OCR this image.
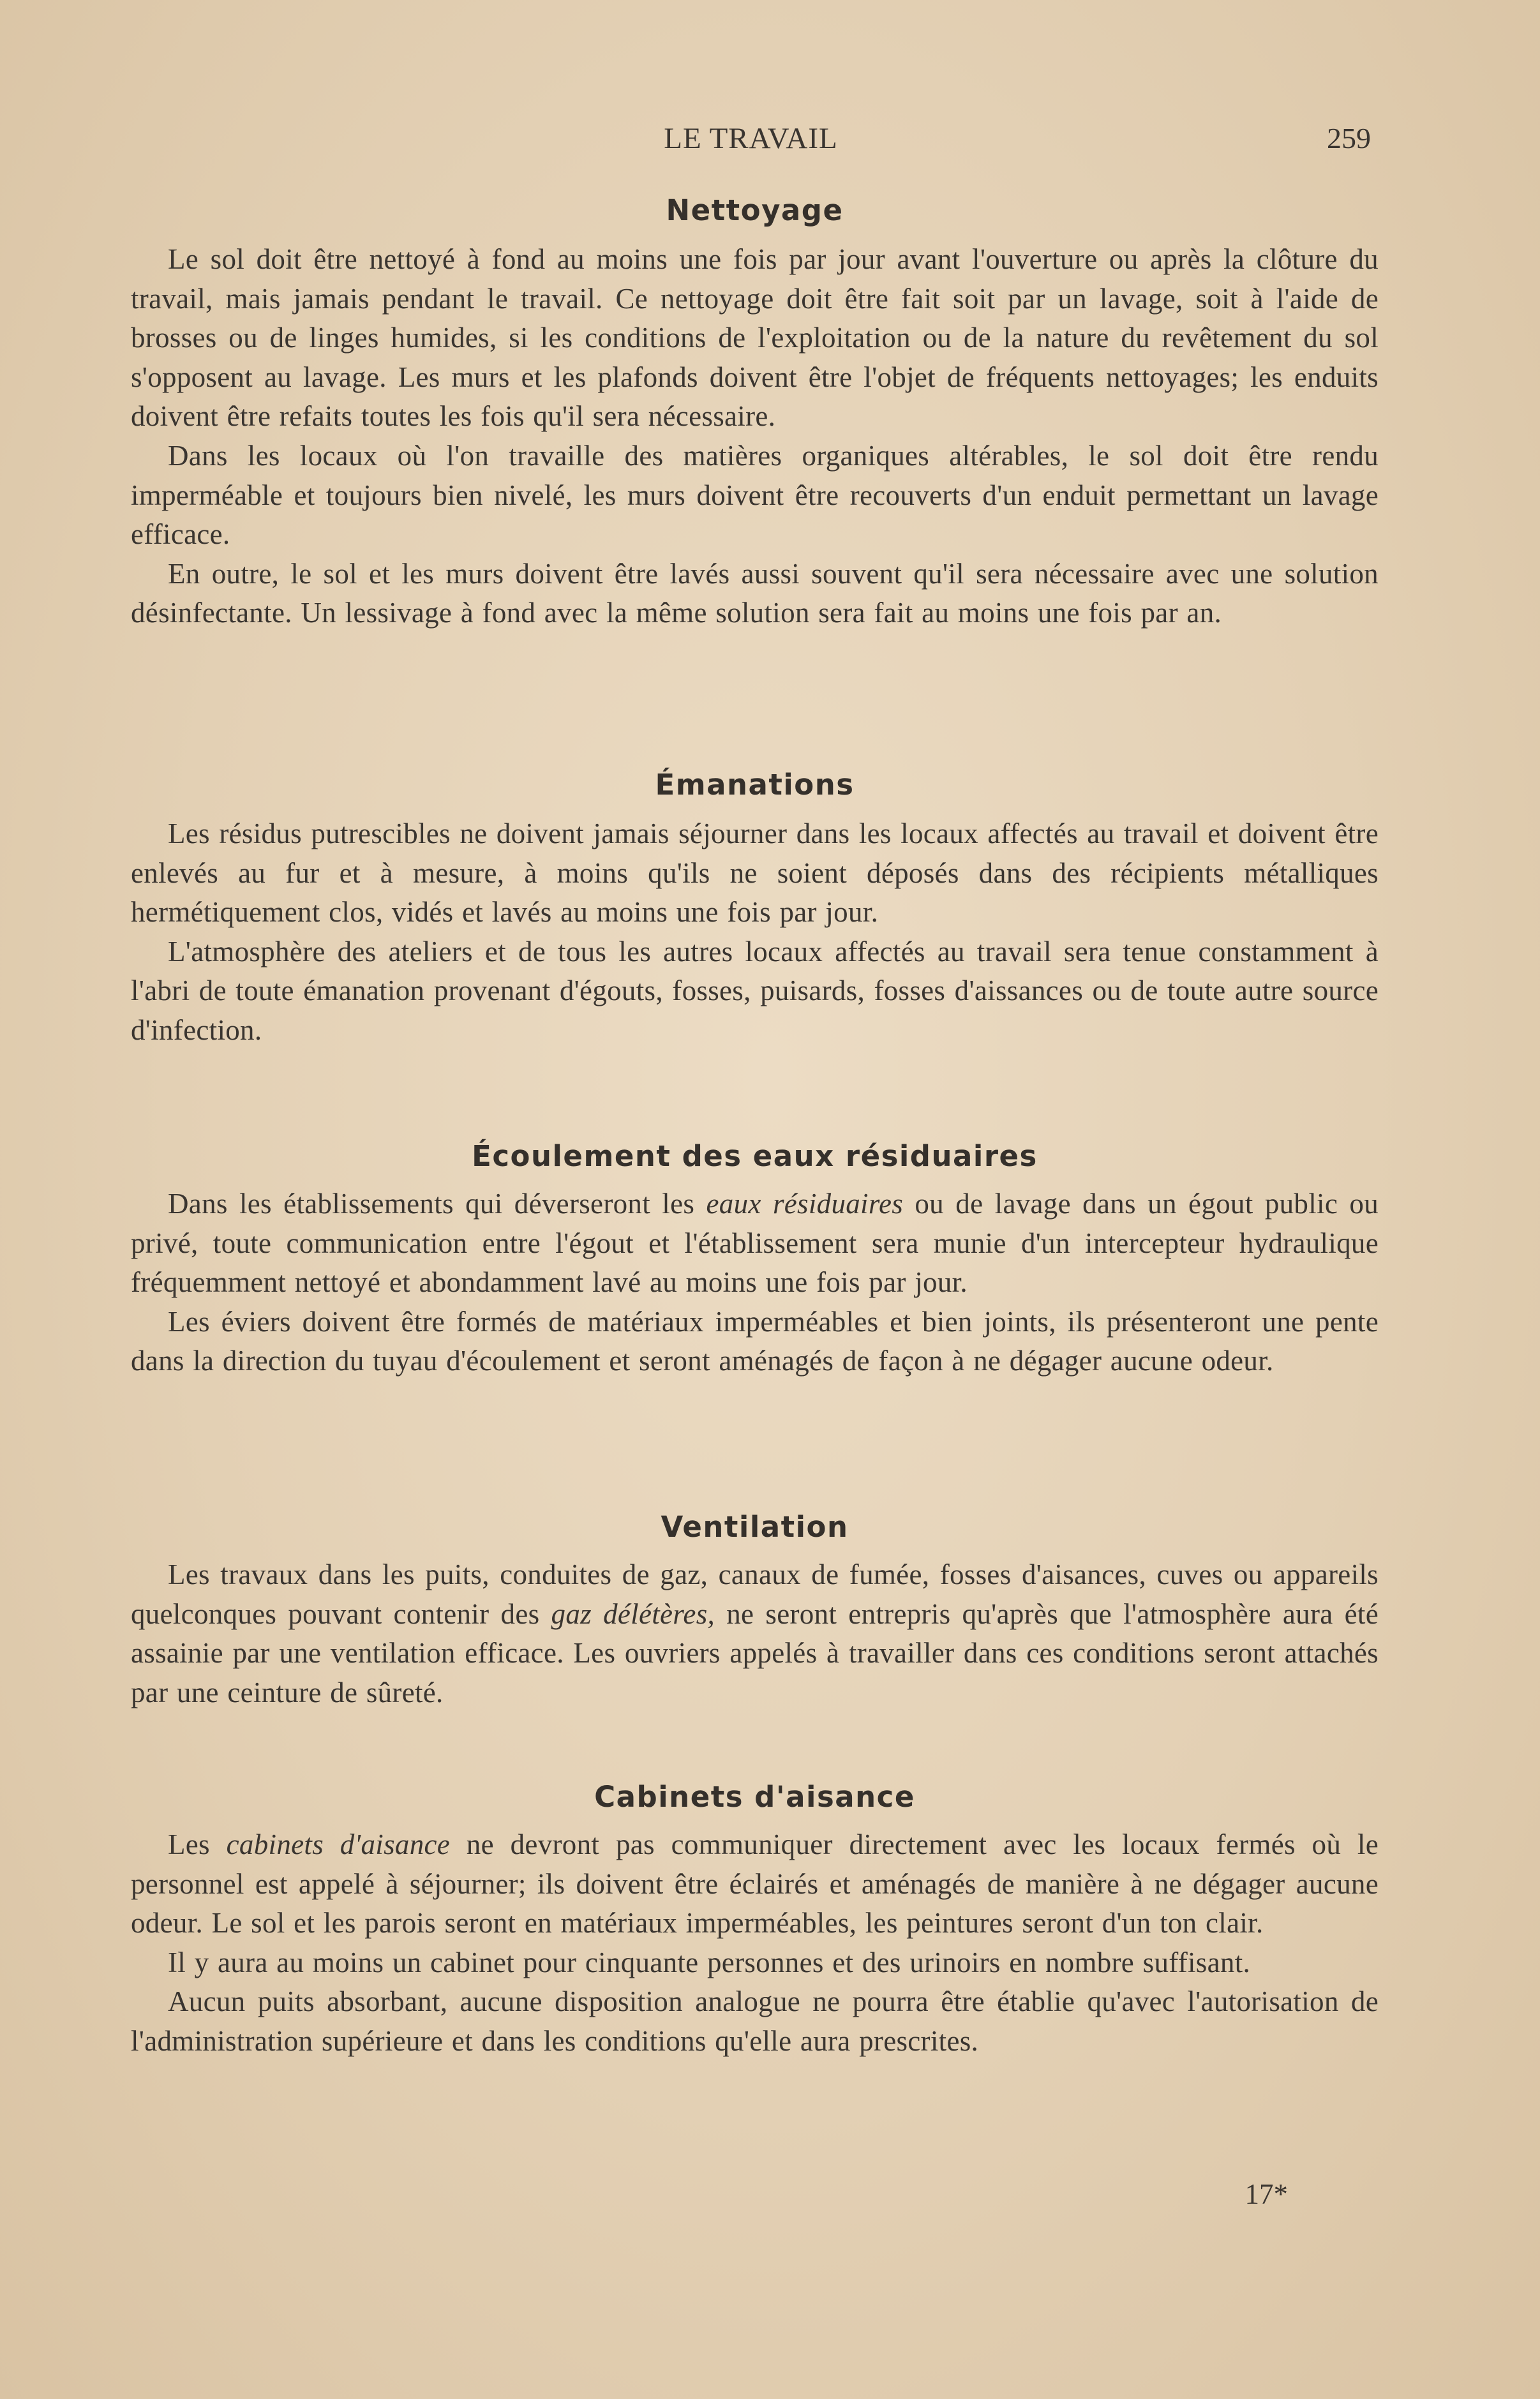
LE TRAVAIL	259
Nettoyage

Le sol doit être nettoyé à fond au moins une fois par jour avant l'ouverture ou après la clôture du travail, mais jamais pendant le travail. Ce nettoyage doit être fait soit par un lavage, soit à l'aide de brosses ou de linges humides, si les conditions de l'exploitation ou de la nature du revêtement du sol s'opposent au lavage. Les murs et les plafonds doivent être l'objet de fréquents nettoyages; les enduits doivent être refaits toutes les fois qu'il sera nécessaire.

Dans les locaux où l'on travaille des matières organiques altérables, le sol doit être rendu imperméable et toujours bien nivelé, les murs doivent être recouverts d'un enduit permettant un lavage efficace.

En outre, le sol et les murs doivent être lavés aussi souvent qu'il sera nécessaire avec une solution désinfectante. Un lessivage à fond avec la même solution sera fait au moins une fois par an.

Émanations

Les résidus putrescibles ne doivent jamais séjourner dans les locaux affectés au travail et doivent être enlevés au fur et à mesure, à moins qu'ils ne soient déposés dans des récipients métalliques hermétiquement clos, vidés et lavés au moins une fois par jour.

L'atmosphère des ateliers et de tous les autres locaux affectés au travail sera tenue constamment à l'abri de toute émanation provenant d'égouts, fosses, puisards, fosses d'aissances ou de toute autre source d'infection.

Écoulement des eaux résiduaires

Dans les établissements qui déverseront les eaux résiduaires ou de lavage dans un égout public ou privé, toute communication entre l'égout et l'établissement sera munie d'un intercepteur hydraulique fréquemment nettoyé et abondamment lavé au moins une fois par jour.

Les éviers doivent être formés de matériaux imperméables et bien joints, ils présenteront une pente dans la direction du tuyau d'écoulement et seront aménagés de façon à ne dégager aucune odeur.

Ventilation

Les travaux dans les puits, conduites de gaz, canaux de fumée, fosses d'aisances, cuves ou appareils quelconques pouvant contenir des gaz délétères, ne seront entrepris qu'après que l'atmosphère aura été assainie par une ventilation efficace. Les ouvriers appelés à travailler dans ces conditions seront attachés par une ceinture de sûreté.

Cabinets d'aisance

Les cabinets d'aisance ne devront pas communiquer directement avec les locaux fermés où le personnel est appelé à séjourner; ils doivent être éclairés et aménagés de manière à ne dégager aucune odeur. Le sol et les parois seront en matériaux imperméables, les peintures seront d'un ton clair.

Il y aura au moins un cabinet pour cinquante personnes et des urinoirs en nombre suffisant.

Aucun puits absorbant, aucune disposition analogue ne pourra être établie qu'avec l'autorisation de l'administration supérieure et dans les conditions qu'elle aura prescrites.

17*
